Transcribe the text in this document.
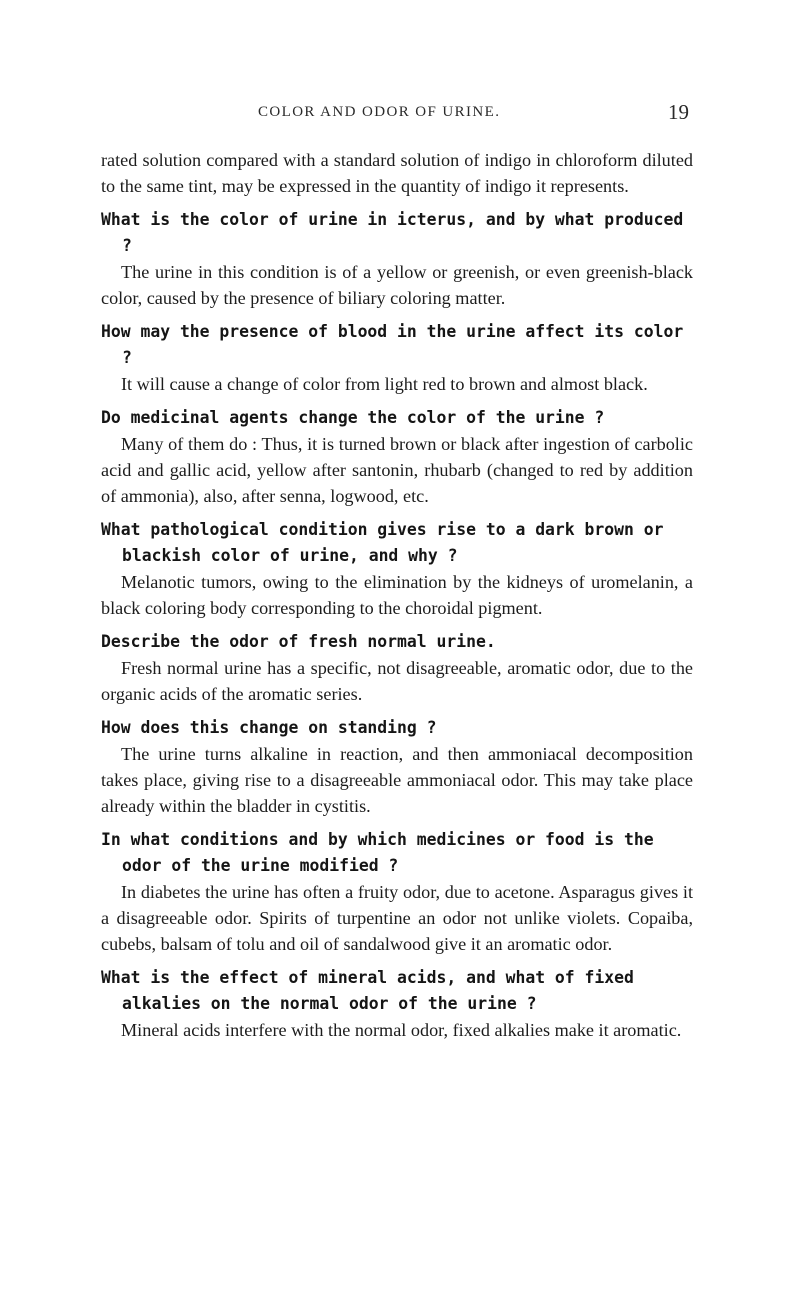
COLOR AND ODOR OF URINE.	19

rated solution compared with a standard solution of indigo in chloroform diluted to the same tint, may be expressed in the quantity of indigo it represents.

What is the color of urine in icterus, and by what produced ?

The urine in this condition is of a yellow or greenish, or even greenish-black color, caused by the presence of biliary coloring matter.

How may the presence of blood in the urine affect its color ?

It will cause a change of color from light red to brown and almost black.

Do medicinal agents change the color of the urine ?

Many of them do : Thus, it is turned brown or black after ingestion of carbolic acid and gallic acid, yellow after santonin, rhubarb (changed to red by addition of ammonia), also, after senna, logwood, etc.

What pathological condition gives rise to a dark brown or blackish color of urine, and why ?

Melanotic tumors, owing to the elimination by the kidneys of uromelanin, a black coloring body corresponding to the choroidal pigment.

Describe the odor of fresh normal urine.

Fresh normal urine has a specific, not disagreeable, aromatic odor, due to the organic acids of the aromatic series.

How does this change on standing ?

The urine turns alkaline in reaction, and then ammoniacal decomposition takes place, giving rise to a disagreeable ammoniacal odor. This may take place already within the bladder in cystitis.

In what conditions and by which medicines or food is the odor of the urine modified ?

In diabetes the urine has often a fruity odor, due to acetone. Asparagus gives it a disagreeable odor. Spirits of turpentine an odor not unlike violets. Copaiba, cubebs, balsam of tolu and oil of sandalwood give it an aromatic odor.

What is the effect of mineral acids, and what of fixed alkalies on the normal odor of the urine ?

Mineral acids interfere with the normal odor, fixed alkalies make it aromatic.
